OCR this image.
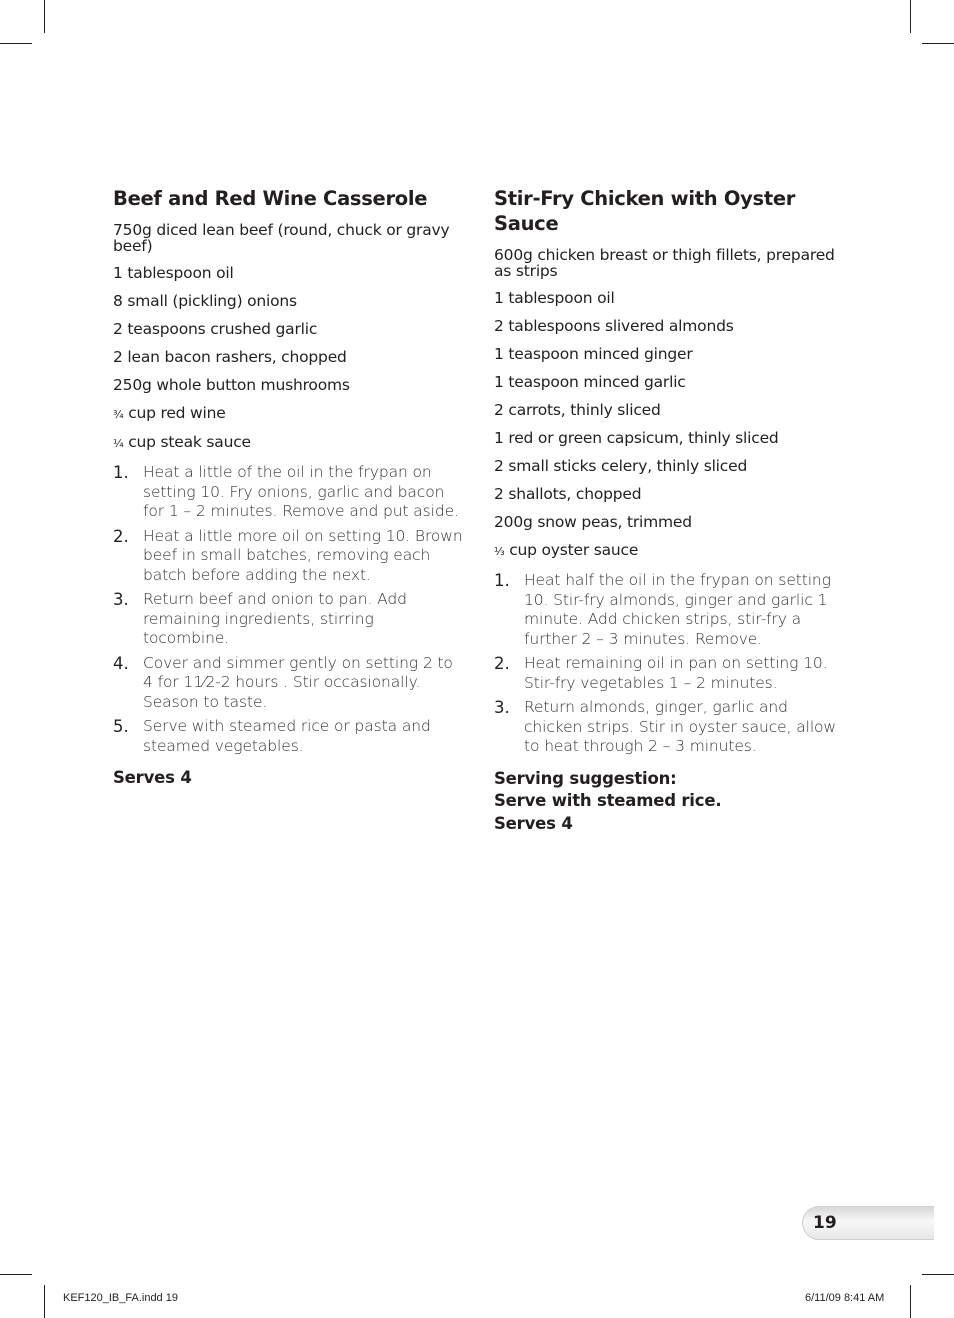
Beef and Red Wine Casserole
750g diced lean beef (round, chuck or gravy beef)
1 tablespoon oil
8 small (pickling) onions
2 teaspoons crushed garlic
2 lean bacon rashers, chopped
250g whole button mushrooms
¾ cup red wine
¼ cup steak sauce
1. Heat a little of the oil in the frypan on setting 10. Fry onions, garlic and bacon for 1 – 2 minutes. Remove and put aside.
2. Heat a little more oil on setting 10. Brown beef in small batches, removing each batch before adding the next.
3. Return beef and onion to pan. Add remaining ingredients, stirring tocombine.
4. Cover and simmer gently on setting 2 to 4 for 11⁄2-2 hours . Stir occasionally. Season to taste.
5. Serve with steamed rice or pasta and steamed vegetables.

Serves 4

Stir-Fry Chicken with Oyster Sauce
600g chicken breast or thigh fillets, prepared as strips
1 tablespoon oil
2 tablespoons slivered almonds
1 teaspoon minced ginger
1 teaspoon minced garlic
2 carrots, thinly sliced
1 red or green capsicum, thinly sliced
2 small sticks celery, thinly sliced
2 shallots, chopped
200g snow peas, trimmed
⅓ cup oyster sauce
1. Heat half the oil in the frypan on setting 10. Stir-fry almonds, ginger and garlic 1 minute. Add chicken strips, stir-fry a further 2 – 3 minutes. Remove.
2. Heat remaining oil in pan on setting 10. Stir-fry vegetables 1 – 2 minutes.
3. Return almonds, ginger, garlic and chicken strips. Stir in oyster sauce, allow to heat through 2 – 3 minutes.

Serving suggestion:

Serve with steamed rice.

Serves 4

19
KEF120_IB_FA.indd 19	6/11/09 8:41 AM
